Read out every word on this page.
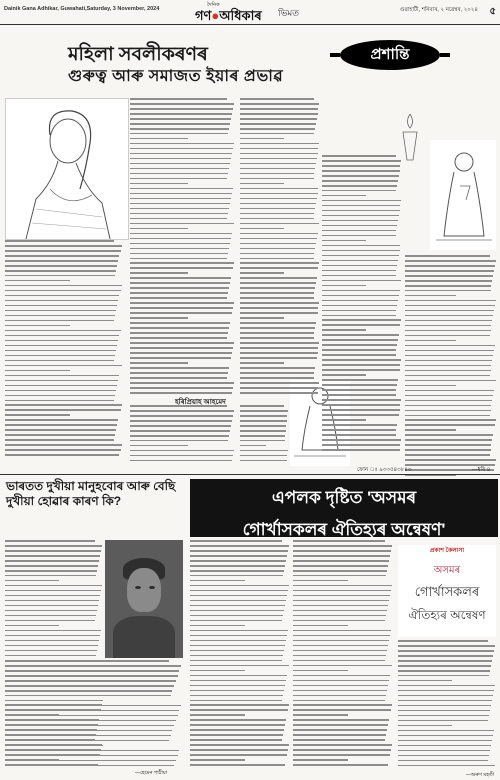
Dainik Gana Adhikar, Guwahati,Saturday, 3 November, 2024
দৈনিক
গণ●অধিকাৰ ভিমত	গুৱাহাটী, শনিবাৰ, ২ নৱেম্বৰ, ২০২৪ ৫
মহিলা সবলীকৰণৰ
গুৰুত্ব আৰু সমাজত ইয়াৰ প্ৰভাৱ
প্ৰশান্তি
হৰিপ্ৰিয়াহ আহমেদ
ফোন ঃ ৯৩৩৫৪৩৮৪৩	—ধৰি ৪
ভাৰতত দুখীয়া মানুহবোৰ আৰু বেছি দুখীয়া হোৱাৰ কাৰণ কি?	এপলক দৃষ্টিত 'অসমৰ
গোৰ্খাসকলৰ ঐতিহ্যৰ অন্বেষণ'
—হেমেন পাঠীয়া
প্ৰকাশ কৈলাসা
অসমৰ
গোৰ্খাসকলৰ
ঐতিহ্যৰ অন্বেষণ
—অৰুণ মহতী
